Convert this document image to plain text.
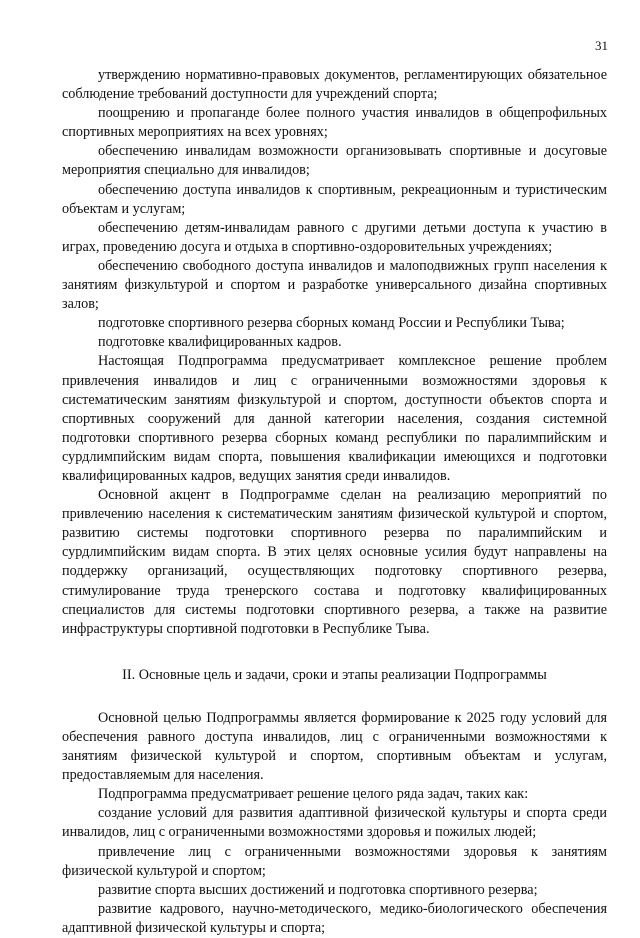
31

утверждению нормативно-правовых документов, регламентирующих обязательное соблюдение требований доступности для учреждений спорта;

поощрению и пропаганде более полного участия инвалидов в общепрофильных спортивных мероприятиях на всех уровнях;

обеспечению инвалидам возможности организовывать спортивные и досуговые мероприятия специально для инвалидов;

обеспечению доступа инвалидов к спортивным, рекреационным и туристическим объектам и услугам;

обеспечению детям-инвалидам равного с другими детьми доступа к участию в играх, проведению досуга и отдыха в спортивно-оздоровительных учреждениях;

обеспечению свободного доступа инвалидов и малоподвижных групп населения к занятиям физкультурой и спортом и разработке универсального дизайна спортивных залов;

подготовке спортивного резерва сборных команд России и Республики Тыва;

подготовке квалифицированных кадров.

Настоящая Подпрограмма предусматривает комплексное решение проблем привлечения инвалидов и лиц с ограниченными возможностями здоровья к систематическим занятиям физкультурой и спортом, доступности объектов спорта и спортивных сооружений для данной категории населения, создания системной подготовки спортивного резерва сборных команд республики по паралимпийским и сурдлимпийским видам спорта, повышения квалификации имеющихся и подготовки квалифицированных кадров, ведущих занятия среди инвалидов.

Основной акцент в Подпрограмме сделан на реализацию мероприятий по привлечению населения к систематическим занятиям физической культурой и спортом, развитию системы подготовки спортивного резерва по паралимпийским и сурдлимпийским видам спорта. В этих целях основные усилия будут направлены на поддержку организаций, осуществляющих подготовку спортивного резерва, стимулирование труда тренерского состава и подготовку квалифицированных специалистов для системы подготовки спортивного резерва, а также на развитие инфраструктуры спортивной подготовки в Республике Тыва.

II. Основные цель и задачи, сроки и этапы реализации Подпрограммы

Основной целью Подпрограммы является формирование к 2025 году условий для обеспечения равного доступа инвалидов, лиц с ограниченными возможностями к занятиям физической культурой и спортом, спортивным объектам и услугам, предоставляемым для населения.

Подпрограмма предусматривает решение целого ряда задач, таких как:

создание условий для развития адаптивной физической культуры и спорта среди инвалидов, лиц с ограниченными возможностями здоровья и пожилых людей;

привлечение лиц с ограниченными возможностями здоровья к занятиям физической культурой и спортом;

развитие спорта высших достижений и подготовка спортивного резерва;

развитие кадрового, научно-методического, медико-биологического обеспечения адаптивной физической культуры и спорта;
